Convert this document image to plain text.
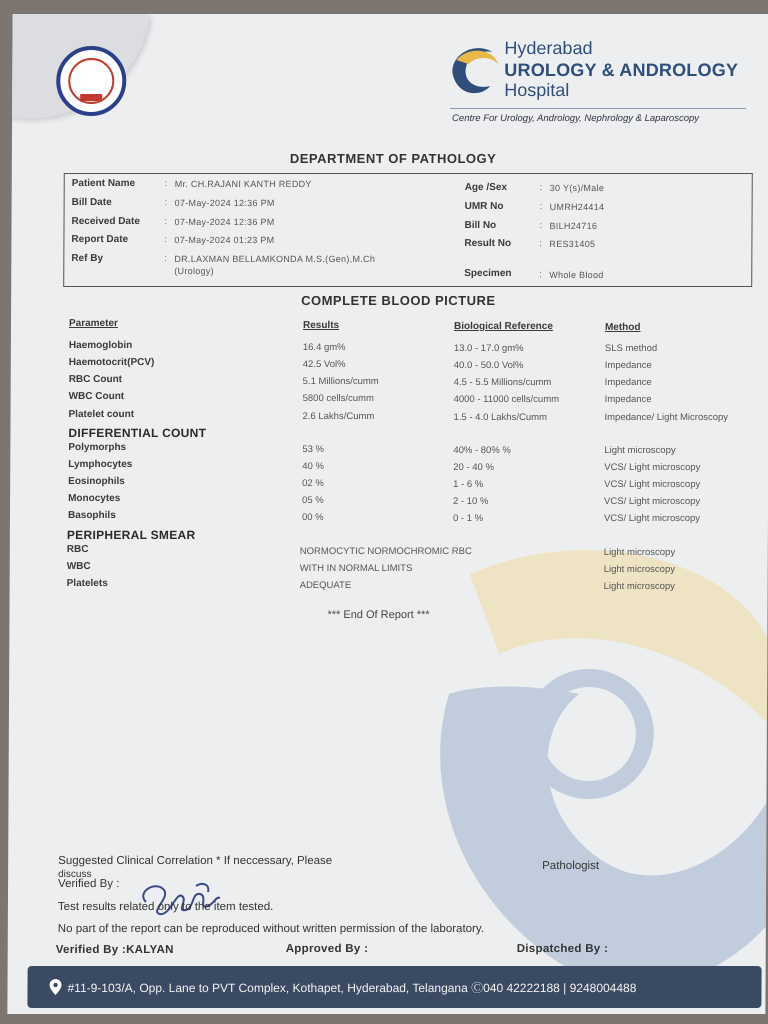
Hyderabad
UROLOGY & ANDROLOGY
Hospital
Centre For Urology, Andrology, Nephrology & Laparoscopy
DEPARTMENT OF PATHOLOGY
Patient Name	: Mr. CH.RAJANI KANTH REDDY
Bill Date	: 07-May-2024 12:36 PM
Received Date	: 07-May-2024 12:36 PM
Report Date	: 07-May-2024 01:23 PM
Ref By	: DR.LAXMAN BELLAMKONDA M.S.(Gen),M.Ch
(Urology)
Age /Sex	: 30 Y(s)/Male
UMR No	: UMRH24414
Bill No	: BILH24716
Result No	: RES31405
Specimen	: Whole Blood
COMPLETE BLOOD PICTURE
Parameter	Results	Biological Reference	Method
Haemoglobin	16.4 gm%	13.0 - 17.0 gm%	SLS method
Haemotocrit(PCV)	42.5 Vol%	40.0 - 50.0 Vol%	Impedance
RBC Count	5.1 Millions/cumm	4.5 - 5.5 Millions/cumm	Impedance
WBC Count	5800 cells/cumm	4000 - 11000 cells/cumm	Impedance
Platelet count	2.6 Lakhs/Cumm	1.5 - 4.0 Lakhs/Cumm	Impedance/ Light Microscopy
DIFFERENTIAL COUNT
Polymorphs	53 %	40% - 80% %	Light microscopy
Lymphocytes	40 %	20 - 40 %	VCS/ Light microscopy
Eosinophils	02 %	1 - 6 %	VCS/ Light microscopy
Monocytes	05 %	2 - 10 %	VCS/ Light microscopy
Basophils	00 %	0 - 1 %	VCS/ Light microscopy
PERIPHERAL SMEAR
RBC	NORMOCYTIC NORMOCHROMIC RBC	Light microscopy
WBC	WITH IN NORMAL LIMITS	Light microscopy
Platelets	ADEQUATE	Light microscopy
*** End Of Report ***
Suggested Clinical Correlation * If neccessary, Please
discuss
Verified By :
Pathologist
Test results related only to the item tested.
No part of the report can be reproduced without written permission of the laboratory.
Verified By :KALYAN	Approved By :	Dispatched By :
#11-9-103/A, Opp. Lane to PVT Complex, Kothapet, Hyderabad, Telangana Ⓒ040 42222188 | 9248004488
